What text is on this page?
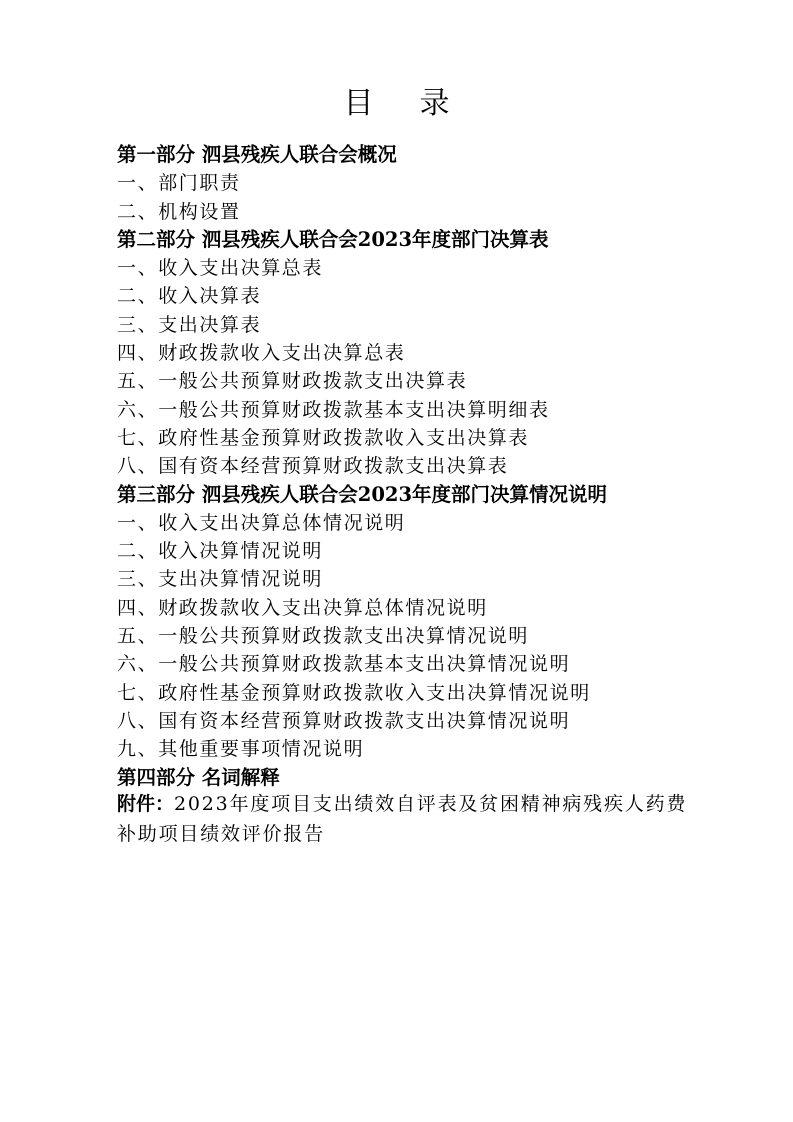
目录
第一部分 泗县残疾人联合会概况
一、部门职责
二、机构设置
第二部分 泗县残疾人联合会2023年度部门决算表
一、收入支出决算总表
二、收入决算表
三、支出决算表
四、财政拨款收入支出决算总表
五、一般公共预算财政拨款支出决算表
六、一般公共预算财政拨款基本支出决算明细表
七、政府性基金预算财政拨款收入支出决算表
八、国有资本经营预算财政拨款支出决算表
第三部分 泗县残疾人联合会2023年度部门决算情况说明
一、收入支出决算总体情况说明
二、收入决算情况说明
三、支出决算情况说明
四、财政拨款收入支出决算总体情况说明
五、一般公共预算财政拨款支出决算情况说明
六、一般公共预算财政拨款基本支出决算情况说明
七、政府性基金预算财政拨款收入支出决算情况说明
八、国有资本经营预算财政拨款支出决算情况说明
九、其他重要事项情况说明
第四部分 名词解释
附件：2023年度项目支出绩效自评表及贫困精神病残疾人药费补助项目绩效评价报告
